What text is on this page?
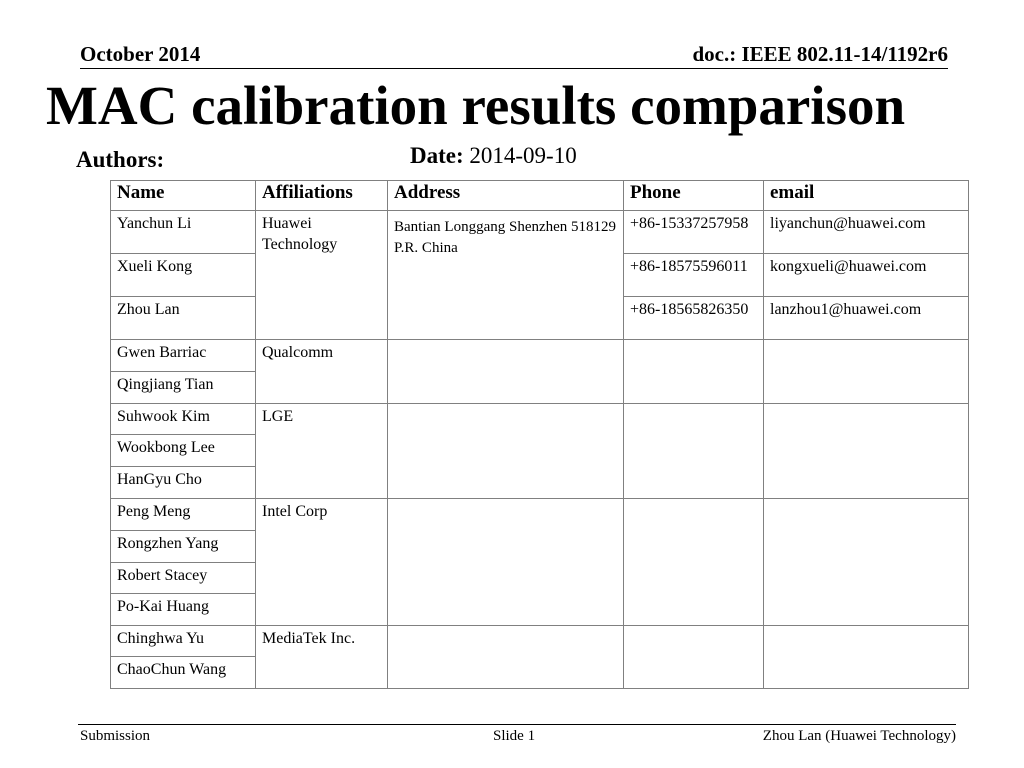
October 2014	doc.: IEEE 802.11-14/1192r6
MAC calibration results comparison
Authors:	Date: 2014-09-10
Name	Affiliations	Address	Phone	email
Yanchun Li	Huawei Technology	Bantian Longgang Shenzhen 518129 P.R. China	+86-15337257958	liyanchun@huawei.com
Xueli Kong			+86-18575596011	kongxueli@huawei.com
Zhou Lan			+86-18565826350	lanzhou1@huawei.com
Gwen Barriac	Qualcomm			
Qingjiang Tian				
Suhwook Kim	LGE			
Wookbong Lee				
HanGyu Cho				
Peng Meng	Intel Corp			
Rongzhen Yang				
Robert Stacey				
Po-Kai Huang				
Chinghwa Yu	MediaTek Inc.			
ChaoChun Wang				
Submission	Slide 1	Zhou Lan (Huawei Technology)
